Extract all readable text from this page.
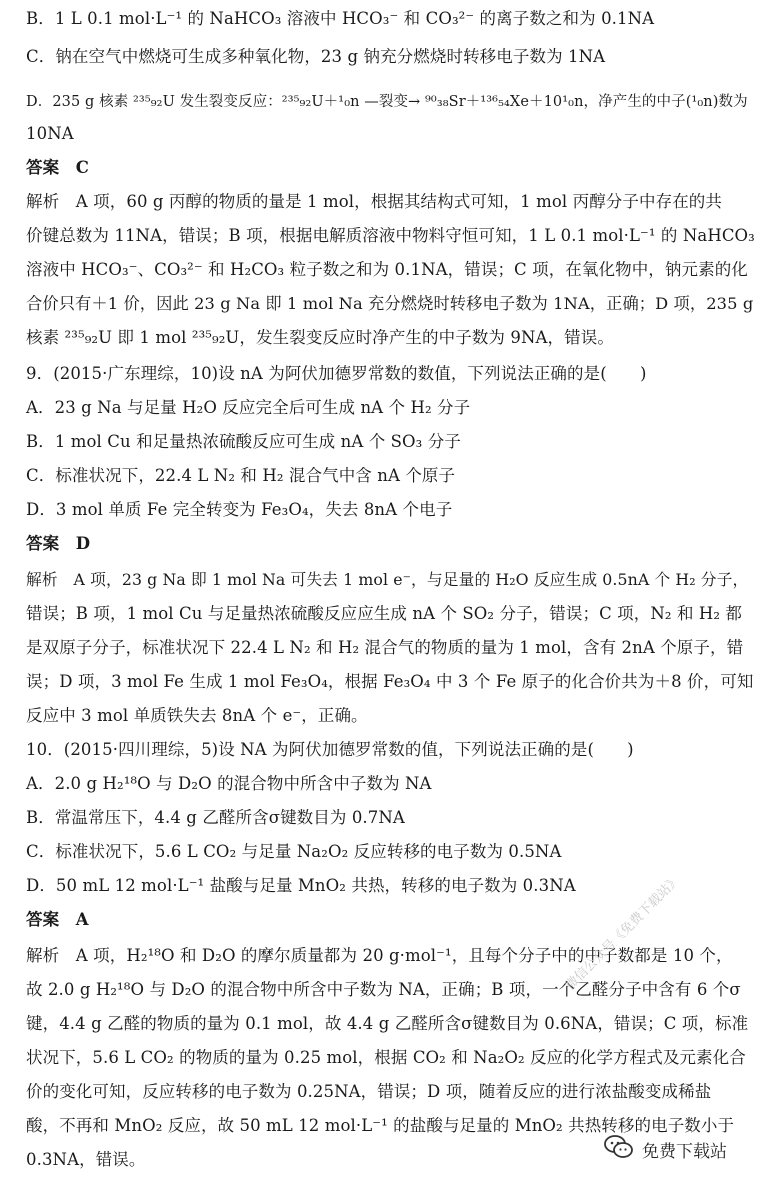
B．1 L 0.1 mol·L⁻¹ 的 NaHCO₃ 溶液中 HCO₃⁻ 和 CO₃²⁻ 的离子数之和为 0.1NA
C．钠在空气中燃烧可生成多种氧化物，23 g 钠充分燃烧时转移电子数为 1NA
D．235 g 核素 ²³⁵₉₂U 发生裂变反应：²³⁵₉₂U＋¹₀n —裂变→ ⁹⁰₃₈Sr＋¹³⁶₅₄Xe＋10¹₀n，净产生的中子(¹₀n)数为
10NA
答案　C
解析　A 项，60 g 丙醇的物质的量是 1 mol，根据其结构式可知，1 mol 丙醇分子中存在的共
价键总数为 11NA，错误；B 项，根据电解质溶液中物料守恒可知，1 L 0.1 mol·L⁻¹ 的 NaHCO₃
溶液中 HCO₃⁻、CO₃²⁻ 和 H₂CO₃ 粒子数之和为 0.1NA，错误；C 项，在氧化物中，钠元素的化
合价只有＋1 价，因此 23 g Na 即 1 mol Na 充分燃烧时转移电子数为 1NA，正确；D 项，235 g
核素 ²³⁵₉₂U 即 1 mol ²³⁵₉₂U，发生裂变反应时净产生的中子数为 9NA，错误。
9．(2015·广东理综，10)设 nA 为阿伏加德罗常数的数值，下列说法正确的是(　　)
A．23 g Na 与足量 H₂O 反应完全后可生成 nA 个 H₂ 分子
B．1 mol Cu 和足量热浓硫酸反应可生成 nA 个 SO₃ 分子
C．标准状况下，22.4 L N₂ 和 H₂ 混合气中含 nA 个原子
D．3 mol 单质 Fe 完全转变为 Fe₃O₄，失去 8nA 个电子
答案　D
解析　A 项，23 g Na 即 1 mol Na 可失去 1 mol e⁻，与足量的 H₂O 反应生成 0.5nA 个 H₂ 分子，
错误；B 项，1 mol Cu 与足量热浓硫酸反应应生成 nA 个 SO₂ 分子，错误；C 项，N₂ 和 H₂ 都
是双原子分子，标准状况下 22.4 L N₂ 和 H₂ 混合气的物质的量为 1 mol，含有 2nA 个原子，错
误；D 项，3 mol Fe 生成 1 mol Fe₃O₄，根据 Fe₃O₄ 中 3 个 Fe 原子的化合价共为＋8 价，可知
反应中 3 mol 单质铁失去 8nA 个 e⁻，正确。
10．(2015·四川理综，5)设 NA 为阿伏加德罗常数的值，下列说法正确的是(　　)
A．2.0 g H₂¹⁸O 与 D₂O 的混合物中所含中子数为 NA
B．常温常压下，4.4 g 乙醛所含σ键数目为 0.7NA
C．标准状况下，5.6 L CO₂ 与足量 Na₂O₂ 反应转移的电子数为 0.5NA
D．50 mL 12 mol·L⁻¹ 盐酸与足量 MnO₂ 共热，转移的电子数为 0.3NA
答案　A
解析　A 项，H₂¹⁸O 和 D₂O 的摩尔质量都为 20 g·mol⁻¹，且每个分子中的中子数都是 10 个，
故 2.0 g H₂¹⁸O 与 D₂O 的混合物中所含中子数为 NA，正确；B 项，一个乙醛分子中含有 6 个σ
键，4.4 g 乙醛的物质的量为 0.1 mol，故 4.4 g 乙醛所含σ键数目为 0.6NA，错误；C 项，标准
状况下，5.6 L CO₂ 的物质的量为 0.25 mol，根据 CO₂ 和 Na₂O₂ 反应的化学方程式及元素化合
价的变化可知，反应转移的电子数为 0.25NA，错误；D 项，随着反应的进行浓盐酸变成稀盐
酸，不再和 MnO₂ 反应，故 50 mL 12 mol·L⁻¹ 的盐酸与足量的 MnO₂ 共热转移的电子数小于
0.3NA，错误。
微信公众号《免费下载站》
免费下载站
